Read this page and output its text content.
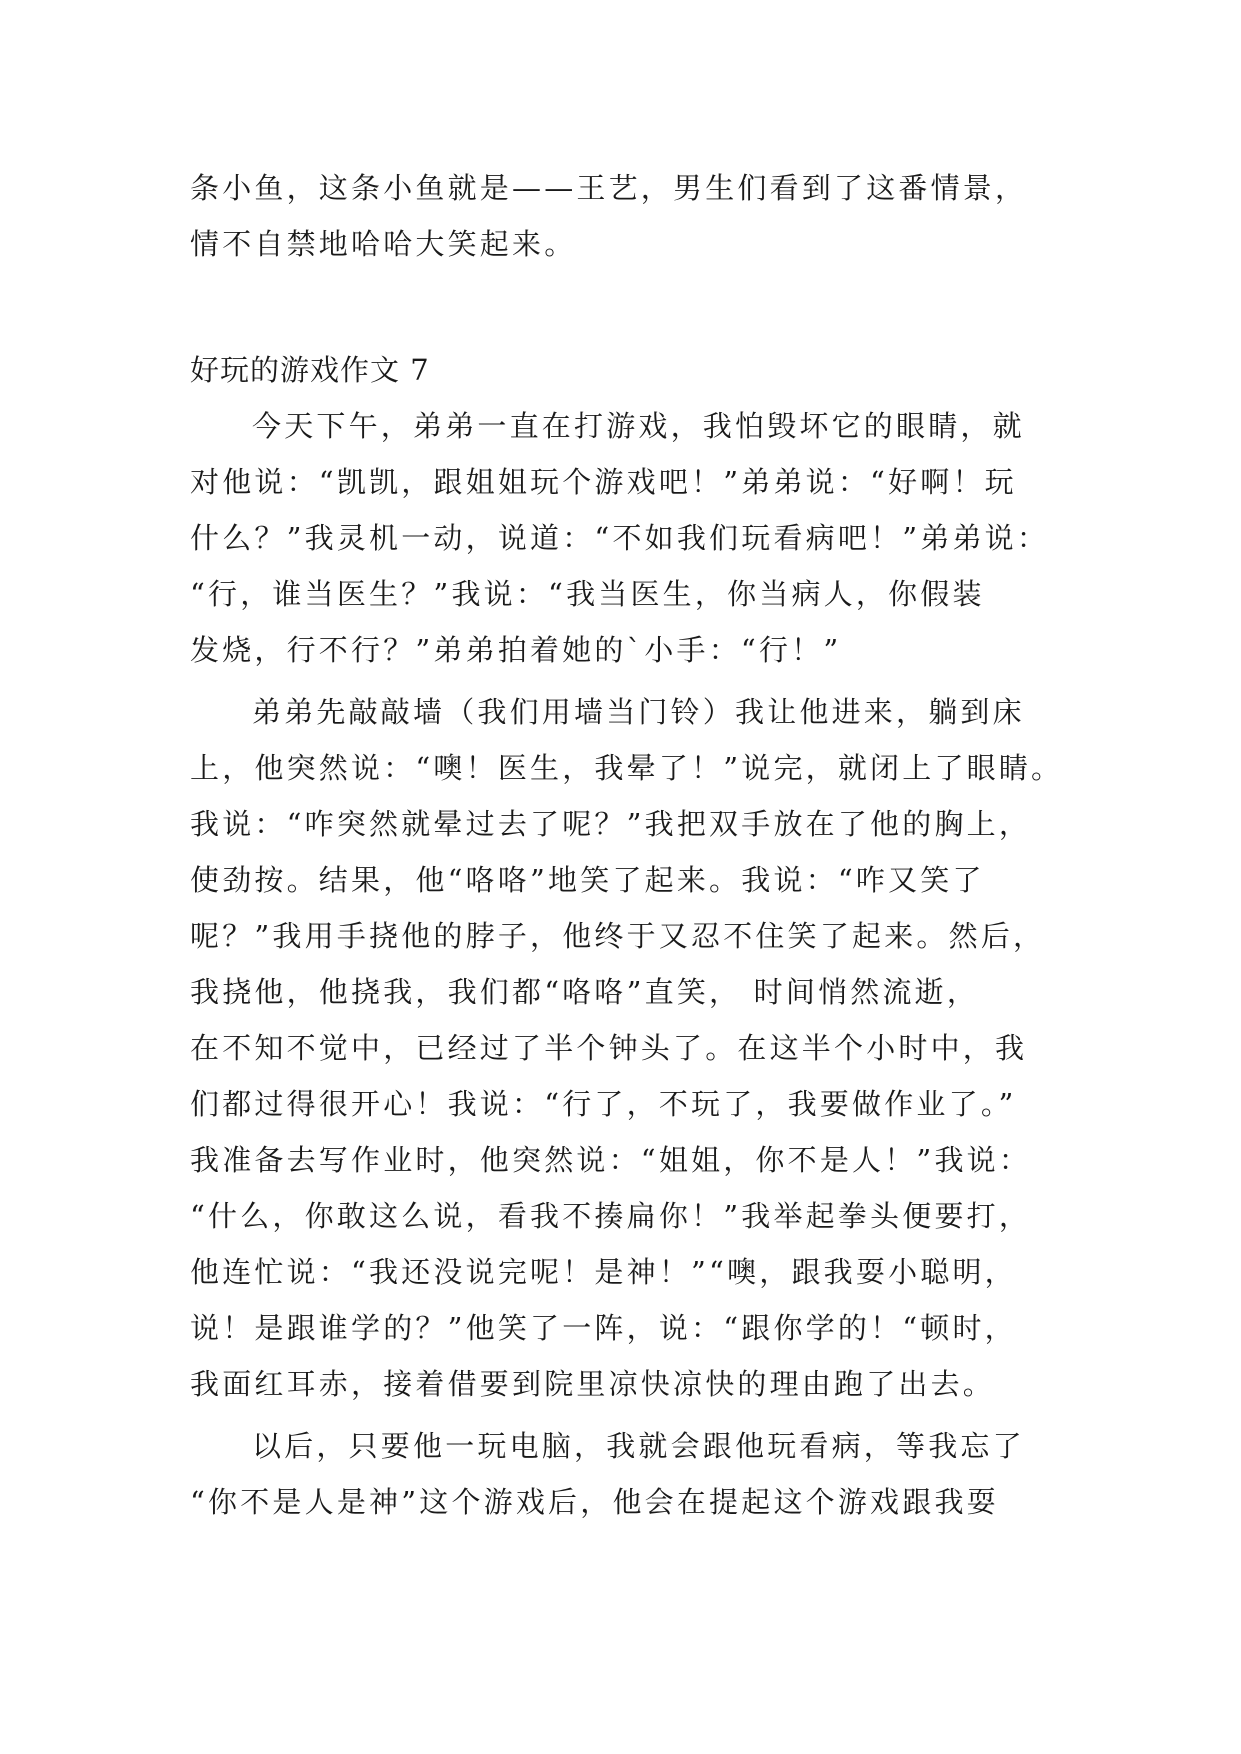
条小鱼，这条小鱼就是——王艺，男生们看到了这番情景，
情不自禁地哈哈大笑起来。
好玩的游戏作文 7
今天下午，弟弟一直在打游戏，我怕毁坏它的眼睛，就
对他说：“凯凯，跟姐姐玩个游戏吧！”弟弟说：“好啊！玩
什么？”我灵机一动，说道：“不如我们玩看病吧！”弟弟说：
“行，谁当医生？”我说：“我当医生，你当病人，你假装
发烧，行不行？”弟弟拍着她的`小手：“行！”
弟弟先敲敲墙（我们用墙当门铃）我让他进来，躺到床
上，他突然说：“噢！医生，我晕了！”说完，就闭上了眼睛。
我说：“咋突然就晕过去了呢？”我把双手放在了他的胸上，
使劲按。结果，他“咯咯”地笑了起来。我说：“咋又笑了
呢？”我用手挠他的脖子，他终于又忍不住笑了起来。然后，
我挠他，他挠我，我们都“咯咯”直笑， 时间悄然流逝，
在不知不觉中，已经过了半个钟头了。在这半个小时中，我
们都过得很开心！我说：“行了，不玩了，我要做作业了。”
我准备去写作业时，他突然说：“姐姐，你不是人！”我说：
“什么，你敢这么说，看我不揍扁你！”我举起拳头便要打，
他连忙说：“我还没说完呢！是神！”“噢，跟我耍小聪明，
说！是跟谁学的？”他笑了一阵，说：“跟你学的！“顿时，
我面红耳赤，接着借要到院里凉快凉快的理由跑了出去。
以后，只要他一玩电脑，我就会跟他玩看病，等我忘了
“你不是人是神”这个游戏后，他会在提起这个游戏跟我耍
